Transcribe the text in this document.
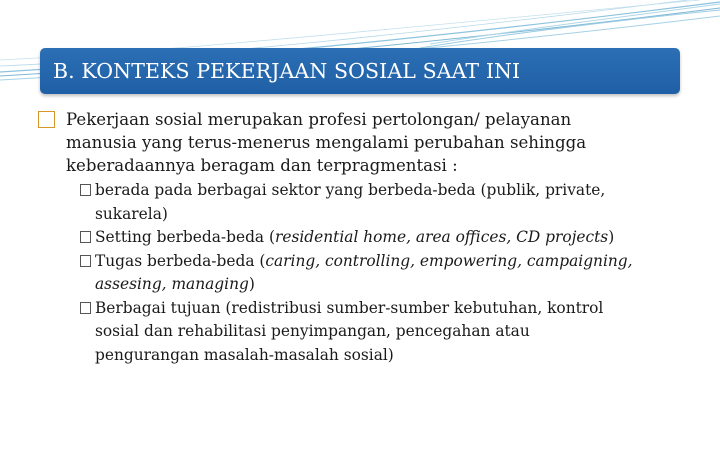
B. KONTEKS PEKERJAAN SOSIAL SAAT INI
Pekerjaan sosial merupakan profesi pertolongan/ pelayanan
manusia yang terus-menerus mengalami perubahan sehingga
keberadaannya beragam dan terpragmentasi :
berada pada berbagai sektor yang berbeda-beda (publik, private,
sukarela)
Setting berbeda-beda (residential home, area offices, CD projects)
Tugas berbeda-beda (caring, controlling, empowering, campaigning,
assesing, managing)
Berbagai tujuan (redistribusi sumber-sumber kebutuhan, kontrol
sosial dan rehabilitasi penyimpangan, pencegahan atau
pengurangan masalah-masalah sosial)
